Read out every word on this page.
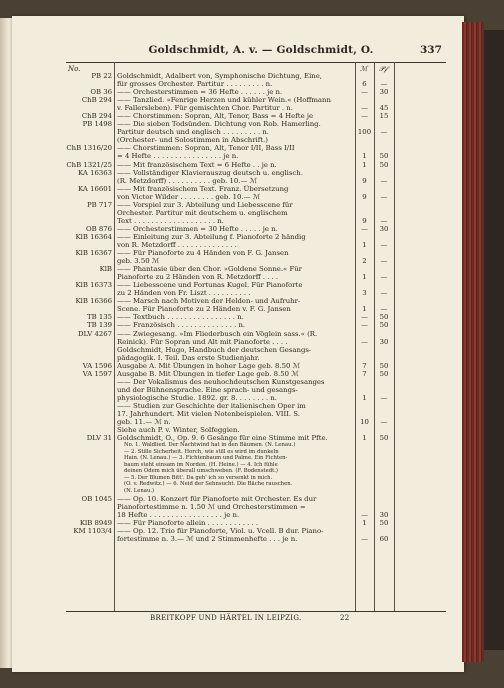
Goldschmidt, A. v. — Goldschmidt, O.	337
No.	ℳ 𝒫𝒻
PB 22 Goldschmidt, Adalbert von, Symphonische Dichtung, Eine,
für grosses Orchester. Partitur . . . . . . . . . n.	6	—
OB 36 —— Orchesterstimmen = 36 Hefte . . . . . . je n.	—	30
ChB 294 —— Tanzlied. »Fenrige Herzen und kühler Wein.« (Hoffmann
v. Fallersleben). Für gemischten Chor. Partitur . n.	—	45
ChB 294 —— Chorstimmen: Sopran, Alt, Tenor, Bass = 4 Hefte je	—	15
PB 1498 —— Die sieben Todsünden. Dichtung von Rob. Hamerling.
Partitur deutsch und englisch . . . . . . . . . n.	100	—
(Orchester- und Solostimmen in Abschrift.)
ChB 1316/20 —— Chorstimmen: Sopran, Alt, Tenor I/II, Bass I/II
= 4 Hefte . . . . . . . . . . . . . . . . je n.	1	50
ChB 1321/25 —— Mit französischem Text = 6 Hefte . . je n.	1	50
KA 16363 —— Vollständiger Klavierauszug deutsch u. englisch.
(R. Metzdorff) . . . . . . . . . . geb. 10.— ℳ	9	—
KA 16601 —— Mit französischem Text. Franz. Übersetzung
von Victor Wilder . . . . . . . . geb. 10.— ℳ	9	—
PB 717 —— Vorspiel zur 3. Abteilung und Liebesscene für
Orchester. Partitur mit deutschem u. englischem
Text . . . . . . . . . . . . . . . . . . . n.	9	—
OB 876 —— Orchesterstimmen = 30 Hefte . . . . . je n.	—	30
KlB 16364 —— Einleitung zur 3. Abteilung f. Pianoforte 2 händig
von R. Metzdorff . . . . . . . . . . . . . .	1	—
KlB 16367 —— Für Pianoforte zu 4 Händen von F. G. Jansen
geb. 3.50 ℳ	2	—
KlB —— Phantasie über den Chor. »Goldene Sonne.« Für
Pianoforte zu 2 Händen von R. Metzdorff . . . .	1	—
KlB 16373 —— Liebesscene und Fortunas Kugel. Für Pianoforte
zu 2 Händen von Fr. Liszt . . . . . . . . . .	3	—
KlB 16366 —— Marsch nach Motiven der Helden- und Aufruhr-
Scene. Für Pianoforte zu 2 Händen v. F. G. Jansen	1	—
TB 135 —— Textbuch . . . . . . . . . . . . . . . . n.	—	50
TB 139 —— Französisch . . . . . . . . . . . . . . n.	—	50
DLV 4267 —— Zwiegesang. »Im Fliederbusch ein Vöglein sass.« (R.
Reinick). Für Sopran und Alt mit Pianoforte . . . .	—	30
Goldschmidt, Hugo, Handbuch der deutschen Gesangs-
pädagogik. I. Teil. Das erste Studienjahr.
VA 1596 Ausgabe A. Mit Übungen in hoher Lage geb. 8.50 ℳ	7	50
VA 1597 Ausgabe B. Mit Übungen in tiefer Lage geb. 8.50 ℳ	7	50
—— Der Vokalismus des neuhochdeutschen Kunstgesanges
und der Bühnensprache. Eine sprach- und gesangs-
physiologische Studie. 1892. gr. 8. . . . . . . . n.	1	—
—— Studien zur Geschichte der italienischen Oper im
17. Jahrhundert. Mit vielen Notenbeispielen. VIII. S.
geb. 11.— ℳ n.	10	—
Siehe auch P. v. Winter, Solfeggien.
DLV 31 Goldschmidt, O., Op. 9. 6 Gesänge für eine Stimme mit Pfte.	1	50
No. 1. Waldlied. Der Nachtwind hat in den Bäumen. (N. Lenau.)
— 2. Stille Sicherheit. Horch, wie still es wird im dunkeln
Hain. (N. Lenau.) — 3. Fichtenbaum und Palme. Ein Fichten-
baum steht einsam im Norden. (H. Heine.) — 4. Ich fühle
deinen Odem mich überall umschweben. (F. Bodenstedt.)
— 5. Der Blumen Bitt'. Da geh' ich so versenkt in mich.
(O. v. Redwitz.) — 6. Neid der Sehnsucht. Die Bäche rauschen.
(N. Lenau.)
OB 1045 —— Op. 10. Konzert für Pianoforte mit Orchester. Es dur
Pianofortestimme n. 1.50 ℳ und Orchesterstimmen =
18 Hefte . . . . . . . . . . . . . . . . . je n.	—	30
KlB 8949 —— Für Pianoforte allein . . . . . . . . . . . .	1	50
KM 1103/4 —— Op. 12. Trio für Pianoforte, Viol. u. Vcell. B dur. Piano-
fortestimme n. 3.— ℳ und 2 Stimmenhefte . . . je n.	—	60
BREITKOPF UND HÄRTEL IN LEIPZIG.	22
